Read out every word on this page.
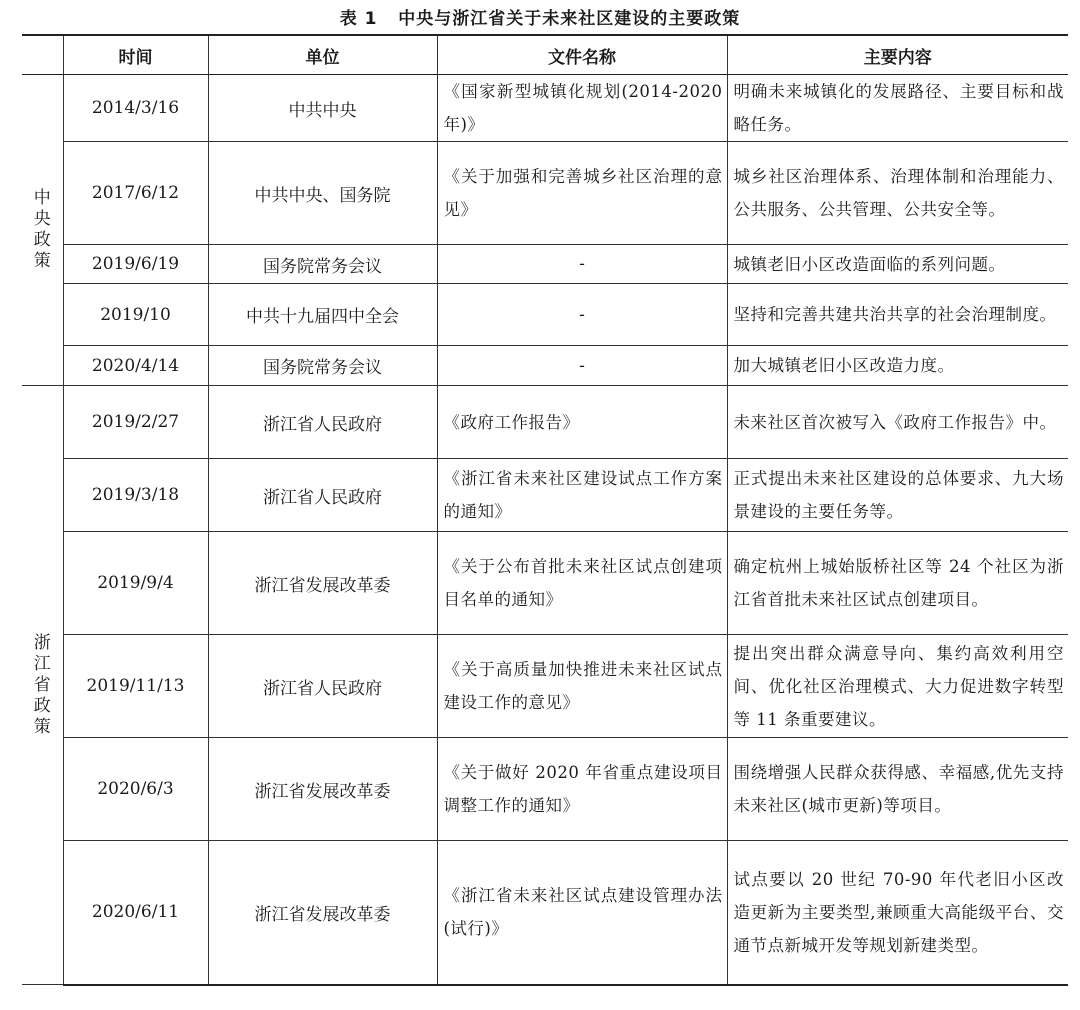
表 1   中央与浙江省关于未来社区建设的主要政策
	时间	单位	文件名称	主要内容

中
央
政
策	2014/3/16	中共中央	《国家新型城镇化规划(2014-2020 年)》	明确未来城镇化的发展路径、主要目标和战略任务。
	2017/6/12	中共中央、国务院	《关于加强和完善城乡社区治理的意见》	城乡社区治理体系、治理体制和治理能力、公共服务、公共管理、公共安全等。
	2019/6/19	国务院常务会议	-	城镇老旧小区改造面临的系列问题。
	2019/10	中共十九届四中全会	-	坚持和完善共建共治共享的社会治理制度。
	2020/4/14	国务院常务会议	-	加大城镇老旧小区改造力度。

浙
江
省
政
策	2019/2/27	浙江省人民政府	《政府工作报告》	未来社区首次被写入《政府工作报告》中。
	2019/3/18	浙江省人民政府	《浙江省未来社区建设试点工作方案的通知》	正式提出未来社区建设的总体要求、九大场景建设的主要任务等。
	2019/9/4	浙江省发展改革委	《关于公布首批未来社区试点创建项目名单的通知》	确定杭州上城始版桥社区等 24 个社区为浙江省首批未来社区试点创建项目。
	2019/11/13	浙江省人民政府	《关于高质量加快推进未来社区试点建设工作的意见》	提出突出群众满意导向、集约高效利用空间、优化社区治理模式、大力促进数字转型等 11 条重要建议。
	2020/6/3	浙江省发展改革委	《关于做好 2020 年省重点建设项目调整工作的通知》	围绕增强人民群众获得感、幸福感,优先支持未来社区(城市更新)等项目。
	2020/6/11	浙江省发展改革委	《浙江省未来社区试点建设管理办法(试行)》	试点要以 20 世纪 70-90 年代老旧小区改造更新为主要类型,兼顾重大高能级平台、交通节点新城开发等规划新建类型。
